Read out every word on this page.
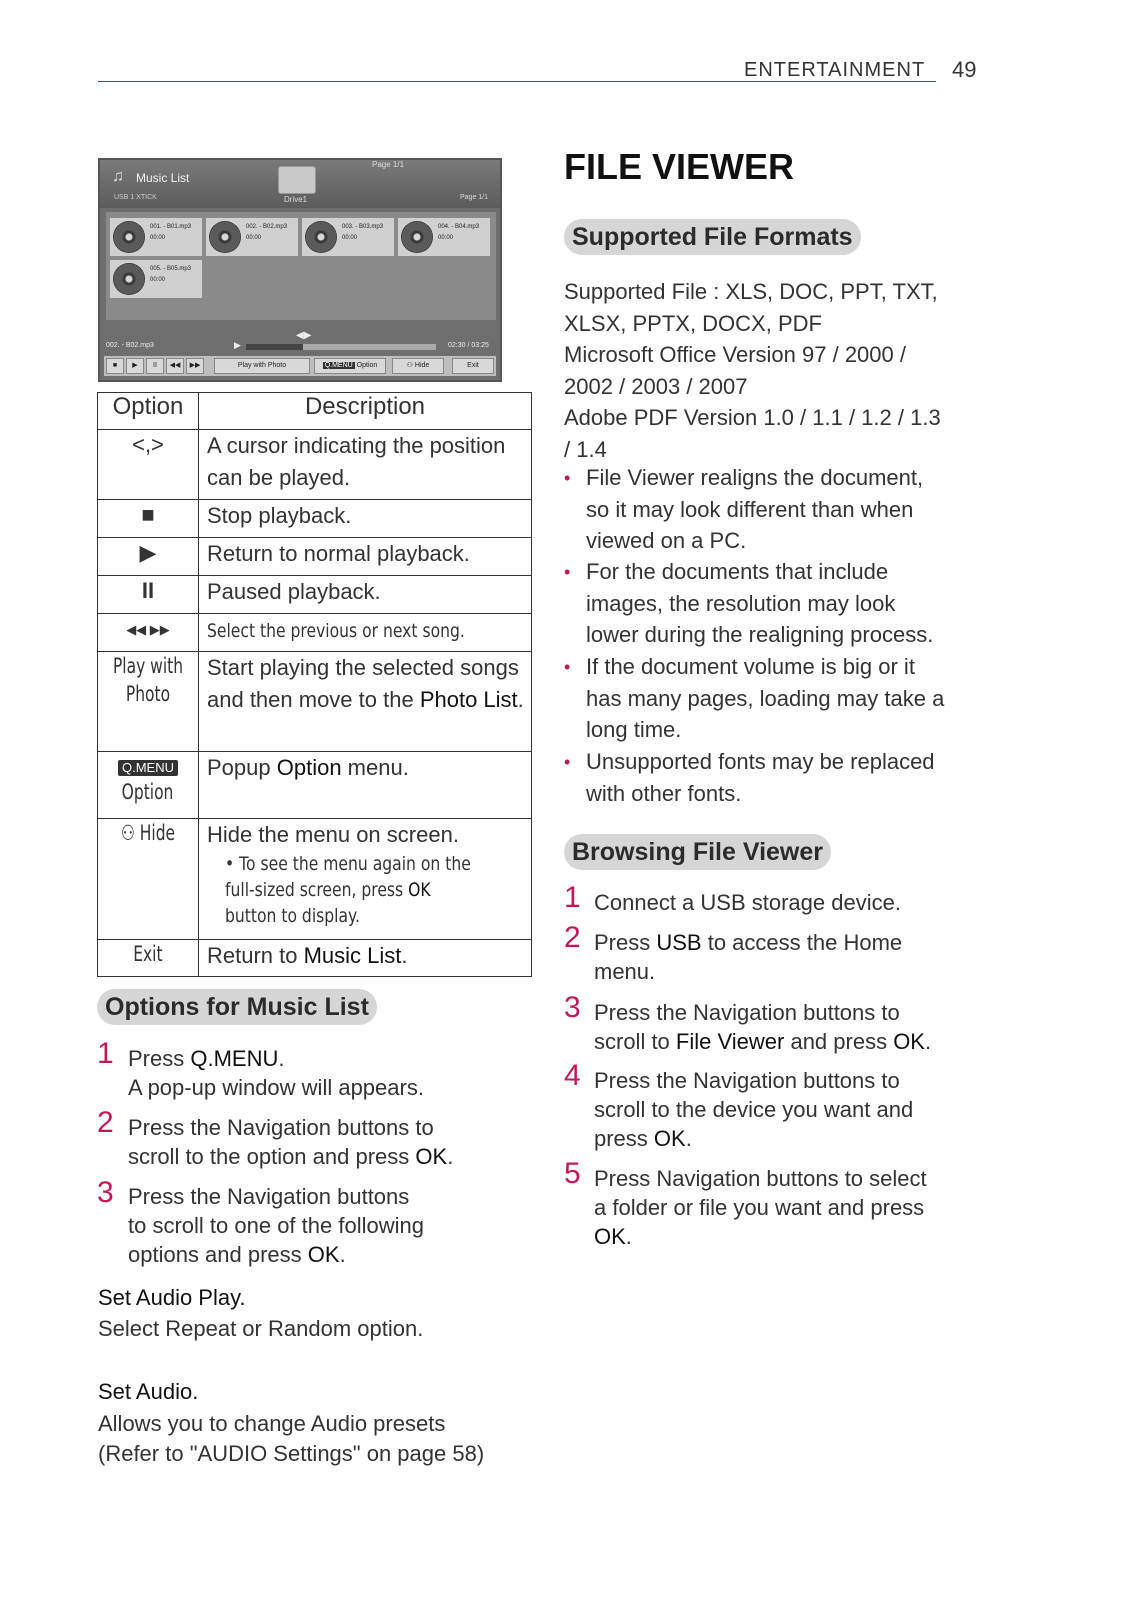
ENTERTAINMENT 49
♫ Music List
USB 1 XTICK	Drive1
Page 1/1
Page 1/1
001. - B01.mp3
00:00
002. - B02.mp3
00:00
003. - B03.mp3
00:00
004. - B04.mp3
00:00
005. - B05.mp3
00:00
002. - B02.mp3	▶
◀▶
02:30 / 03:25
■	▶	II	◀◀	▶▶	Play with Photo	Q.MENU Option	⚇ Hide	Exit
Option	Description
<,>	A cursor indicating the position can be played.
■	Stop playback.
▶	Return to normal playback.
II	Paused playback.
◀◀ ▶▶	Select the previous or next song.
Play with Photo	Start playing the selected songs and then move to the Photo List.
Q.MENU
Option	Popup Option menu.
⚇ Hide	Hide the menu on screen.
• To see the menu again on the full-sized screen, press OK button to display.

Exit	Return to Music List.
Options for Music List
1 Press Q.MENU.
A pop-up window will appears.
2 Press the Navigation buttons to
scroll to the option and press OK.
3 Press the Navigation buttons
to scroll to one of the following
options and press OK.
Set Audio Play.
Select Repeat or Random option.
Set Audio.
Allows you to change Audio presets
(Refer to "AUDIO Settings" on page 58)
FILE VIEWER
Supported File Formats
Supported File : XLS, DOC, PPT, TXT,
XLSX, PPTX, DOCX, PDF
Microsoft Office Version 97 / 2000 /
2002 / 2003 / 2007
Adobe PDF Version 1.0 / 1.1 / 1.2 / 1.3
/ 1.4
• File Viewer realigns the document,
so it may look different than when
viewed on a PC.
• For the documents that include
images, the resolution may look
lower during the realigning process.
• If the document volume is big or it
has many pages, loading may take a
long time.
• Unsupported fonts may be replaced
with other fonts.
Browsing File Viewer
1 Connect a USB storage device.
2 Press USB to access the Home
menu.
3 Press the Navigation buttons to
scroll to File Viewer and press OK.
4 Press the Navigation buttons to
scroll to the device you want and
press OK.
5 Press Navigation buttons to select
a folder or file you want and press
OK.
